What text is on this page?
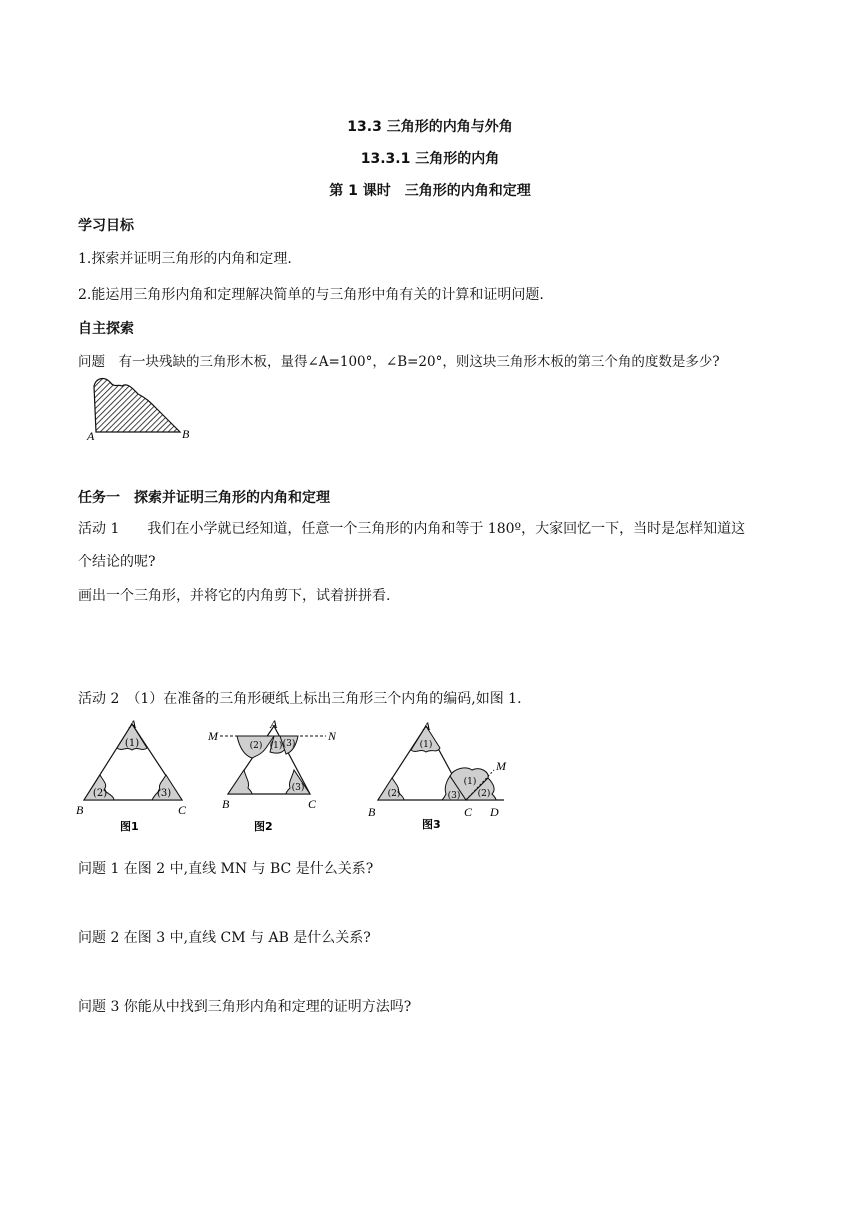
13.3 三角形的内角与外角
13.3.1 三角形的内角
第 1 课时　三角形的内角和定理
学习目标
1.探索并证明三角形的内角和定理.
2.能运用三角形内角和定理解决简单的与三角形中角有关的计算和证明问题.
自主探索
问题　有一块残缺的三角形木板，量得∠A=100°，∠B=20°，则这块三角形木板的第三个角的度数是多少?
A	B
任务一　探索并证明三角形的内角和定理
活动 1　　我们在小学就已经知道，任意一个三角形的内角和等于 180º，大家回忆一下，当时是怎样知道这
个结论的呢?
画出一个三角形，并将它的内角剪下，试着拼拼看.
活动 2　（1）在准备的三角形硬纸上标出三角形三个内角的编码,如图 1.
(1)
(2)	(3)
A
B	C
图1
(2) (1) (3)
(3)
A
M	N
B	C
图2
(1)
(2)	(3)
(1)
(2)
A
M
B	C D
图3
问题 1 在图 2 中,直线 MN 与 BC 是什么关系?
问题 2 在图 3 中,直线 CM 与 AB 是什么关系?
问题 3 你能从中找到三角形内角和定理的证明方法吗?
